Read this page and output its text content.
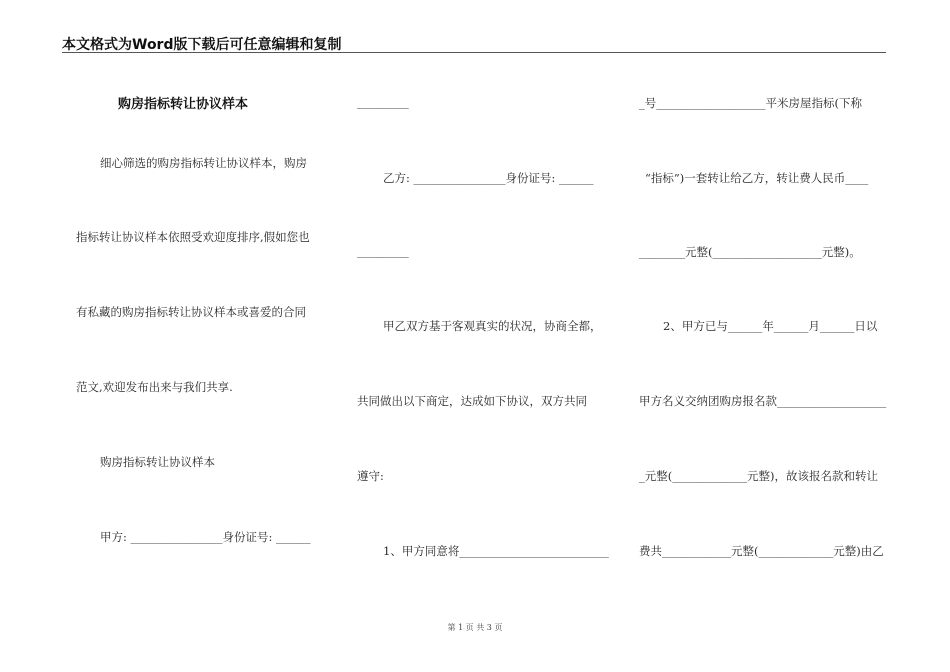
本文格式为Word版下载后可任意编辑和复制
购房指标转让协议样本
细心筛选的购房指标转让协议样本，购房
指标转让协议样本依照受欢迎度排序,假如您也
有私藏的购房指标转让协议样本或喜爱的合同
范文,欢迎发布出来与我们共享.
购房指标转让协议样本
甲方: ________________身份证号: ______
_________
乙方: ________________身份证号: ______
_________
甲乙双方基于客观真实的状况，协商全都，
共同做出以下商定，达成如下协议，双方共同
遵守:
1、甲方同意将__________________________
_号___________________平米房屋指标(下称
“指标”)一套转让给乙方，转让费人民币____
________元整(___________________元整)。
2、甲方已与______年______月______日以
甲方名义交纳团购房报名款___________________
_元整(_____________元整)，故该报名款和转让
费共____________元整(_____________元整)由乙
第 1 页 共 3 页
